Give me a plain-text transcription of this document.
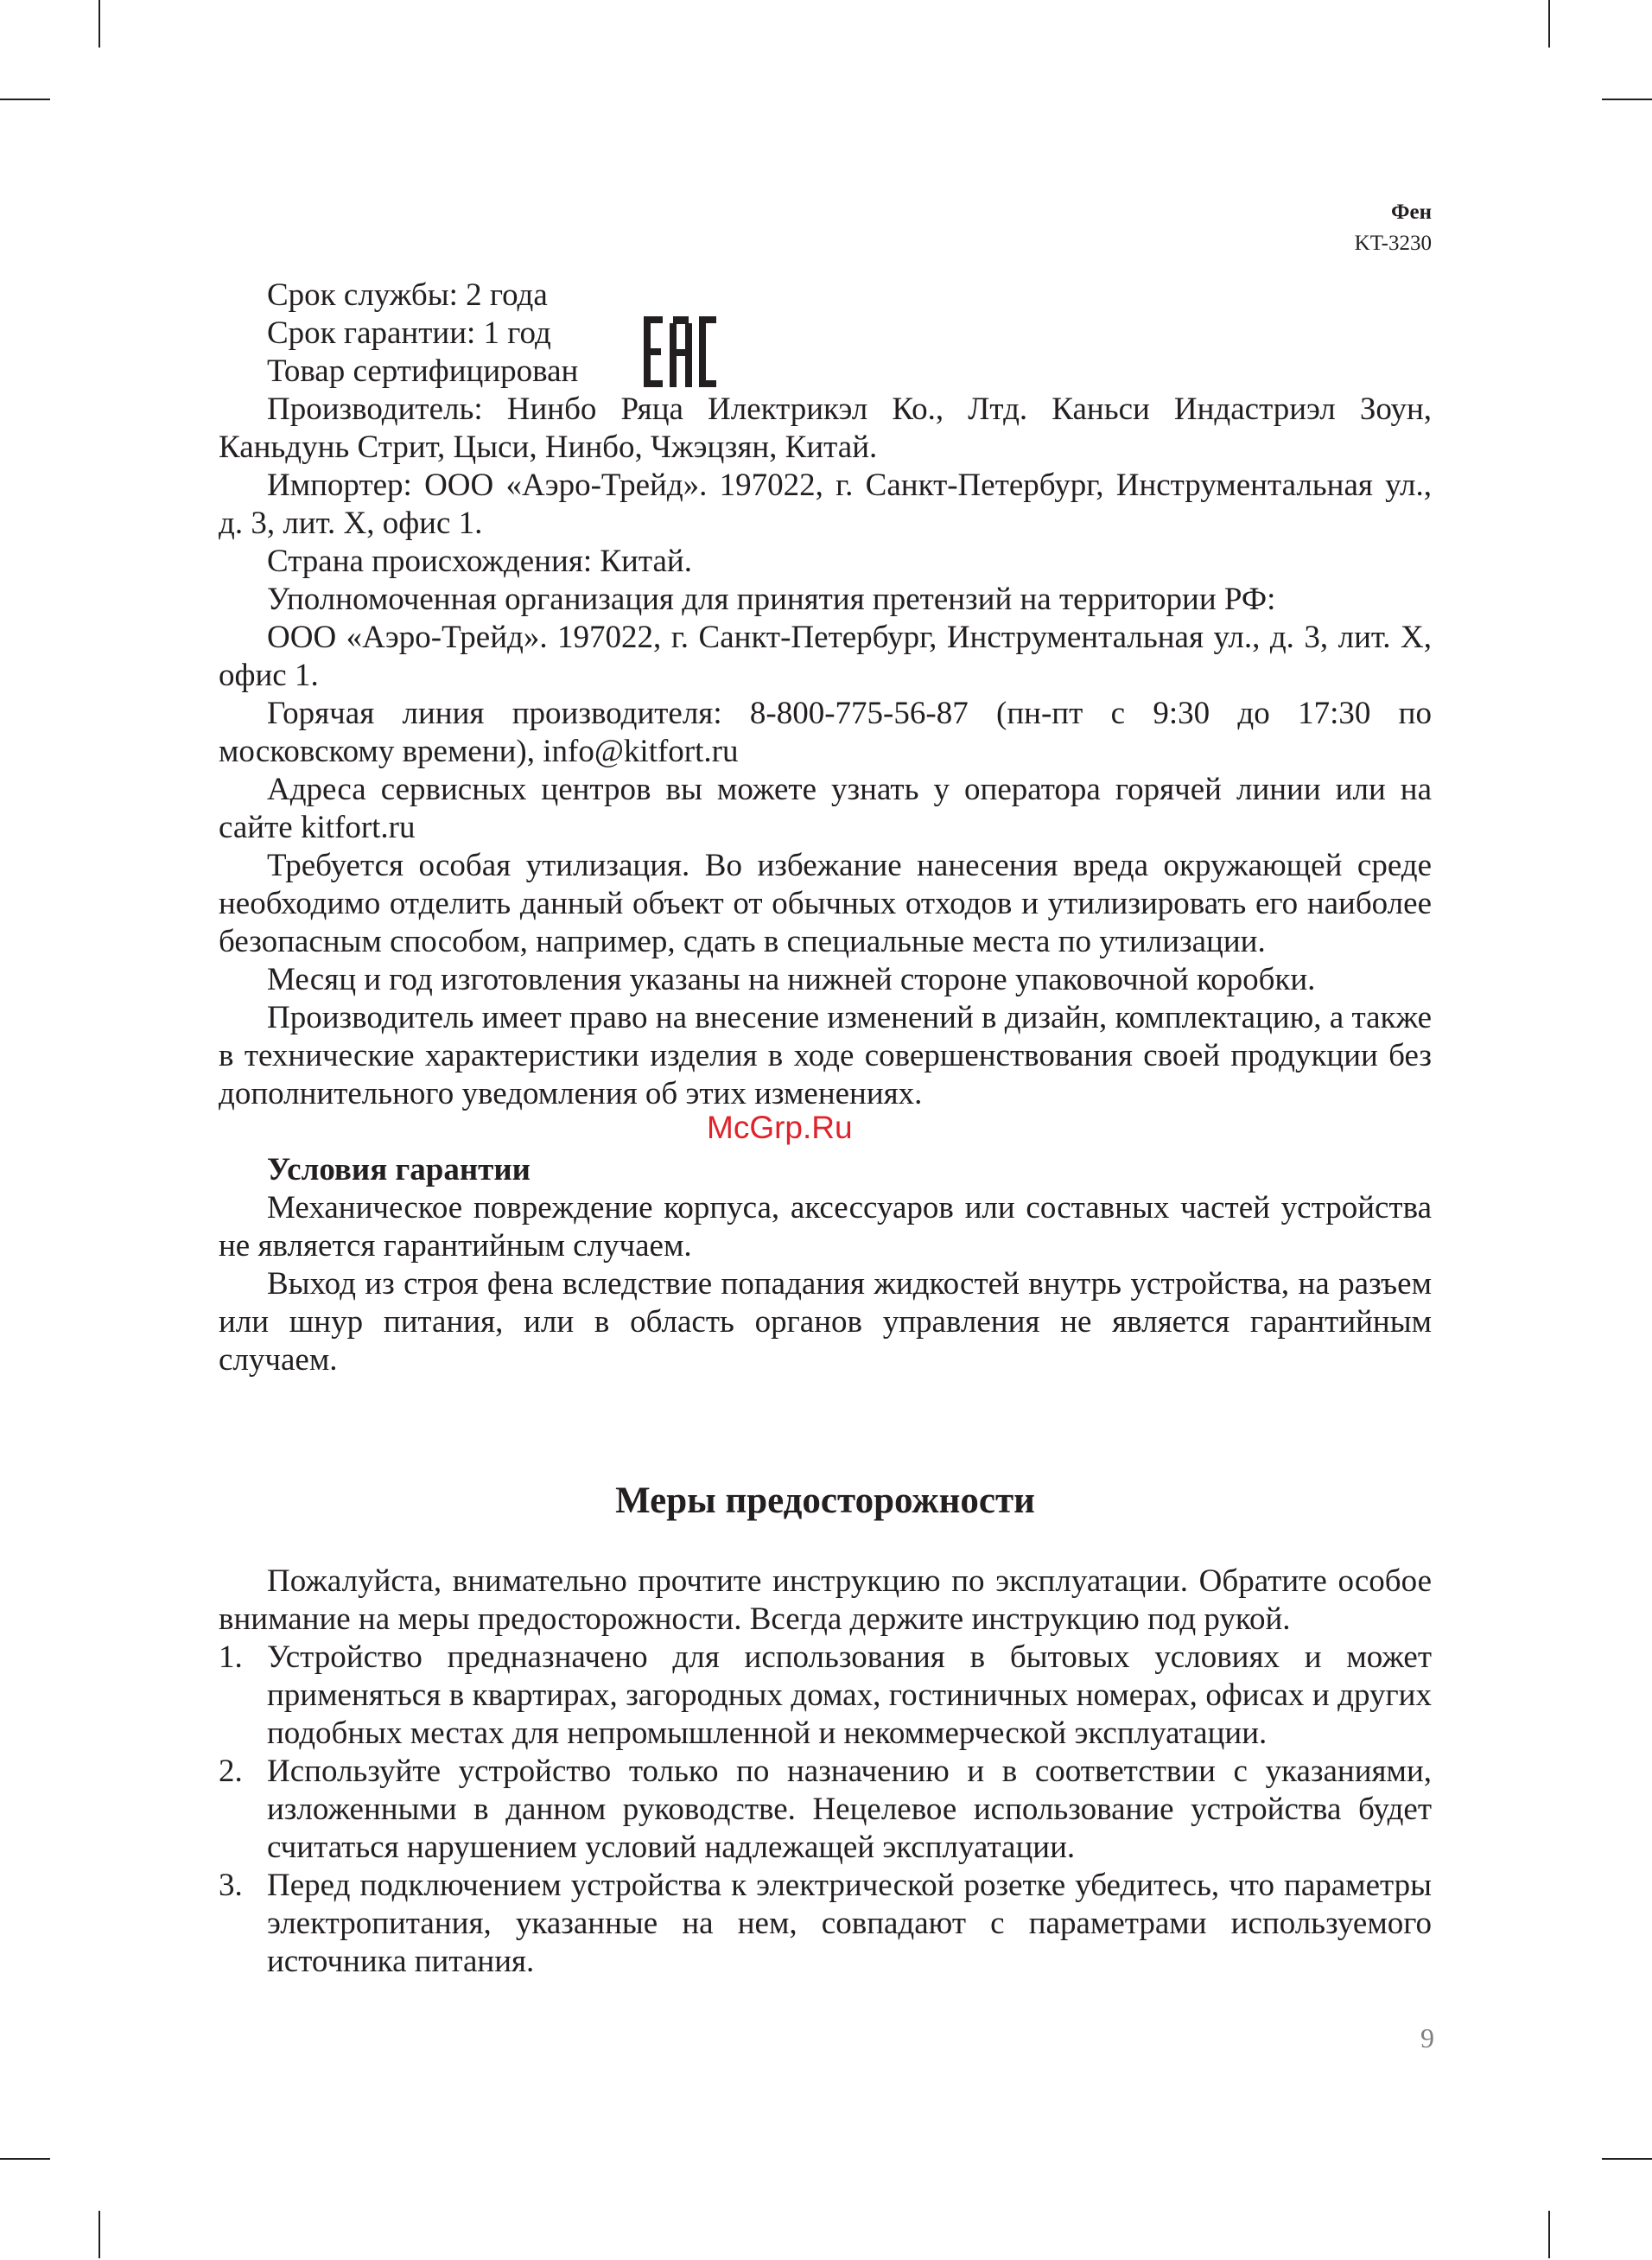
Фен
KT-3230

Срок службы: 2 года

Срок гарантии: 1 год

Товар сертифицирован

Производитель: Нинбо Ряца Илектрикэл Ко., Лтд. Каньси Индастриэл Зоун, Каньдунь Стрит, Цыси, Нинбо, Чжэцзян, Китай.

Импортер: ООО «Аэро-Трейд». 197022, г. Санкт-Петербург, Инструментальная ул., д. 3, лит. Х, офис 1.

Страна происхождения: Китай.

Уполномоченная организация для принятия претензий на территории РФ:

ООО «Аэро-Трейд». 197022, г. Санкт-Петербург, Инструментальная ул., д. 3, лит. Х, офис 1.

Горячая линия производителя: 8-800-775-56-87 (пн-пт с 9:30 до 17:30 по московскому времени), info@kitfort.ru

Адреса сервисных центров вы можете узнать у оператора горячей линии или на сайте kitfort.ru

Требуется особая утилизация. Во избежание нанесения вреда окружающей среде необходимо отделить данный объект от обычных отходов и утилизировать его наиболее безопасным способом, например, сдать в специальные места по утилизации.

Месяц и год изготовления указаны на нижней стороне упаковочной коробки.

Производитель имеет право на внесение изменений в дизайн, комплектацию, а также в технические характеристики изделия в ходе совершенствования своей продукции без дополнительного уведомления об этих изменениях.

Условия гарантии

Механическое повреждение корпуса, аксессуаров или составных частей устройства не является гарантийным случаем.

Выход из строя фена вследствие попадания жидкостей внутрь устройства, на разъем или шнур питания, или в область органов управления не является гарантийным случаем.

Меры предосторожности

Пожалуйста, внимательно прочтите инструкцию по эксплуатации. Обратите особое внимание на меры предосторожности. Всегда держите инструкцию под рукой.

1. Устройство предназначено для использования в бытовых условиях и может применяться в квартирах, загородных домах, гостиничных номерах, офисах и других подобных местах для непромышленной и некоммерческой эксплуатации.
2. Используйте устройство только по назначению и в соответствии с указаниями, изложенными в данном руководстве. Нецелевое использование устройства будет считаться нарушением условий надлежащей эксплуатации.
3. Перед подключением устройства к электрической розетке убедитесь, что параметры электропитания, указанные на нем, совпадают с параметрами используемого источника питания.
McGrp.Ru
9
